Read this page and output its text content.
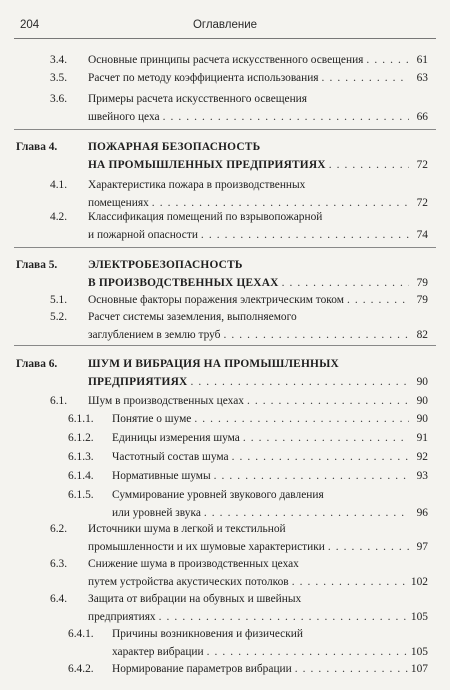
204	Оглавление
3.4. Основные принципы расчета искусственного освещения . . .	61
3.5. Расчет по методу коэффициента использования . . .	63
3.6. Примеры расчета искусственного освещения
швейного цеха . . .	66
Глава 4.	ПОЖАРНАЯ БЕЗОПАСНОСТЬ
НА ПРОМЫШЛЕННЫХ ПРЕДПРИЯТИЯХ . . .	72
4.1. Характеристика пожара в производственных
помещениях . . .	72
4.2. Классификация помещений по взрывопожарной
и пожарной опасности . . .	74
Глава 5.	ЭЛЕКТРОБЕЗОПАСНОСТЬ
В ПРОИЗВОДСТВЕННЫХ ЦЕХАХ . . .	79
5.1. Основные факторы поражения электрическим током . . .	79
5.2. Расчет системы заземления, выполняемого
заглублением в землю труб . . .	82
Глава 6.	ШУМ И ВИБРАЦИЯ НА ПРОМЫШЛЕННЫХ
ПРЕДПРИЯТИЯХ . . .	90
6.1. Шум в производственных цехах . . .	90
6.1.1. Понятие о шуме . . .	90
6.1.2. Единицы измерения шума . . .	91
6.1.3. Частотный состав шума . . .	92
6.1.4. Нормативные шумы . . .	93
6.1.5. Суммирование уровней звукового давления
или уровней звука . . .	96
6.2. Источники шума в легкой и текстильной
промышленности и их шумовые характеристики . . .	97
6.3. Снижение шума в производственных цехах
путем устройства акустических потолков . . .	102
6.4. Защита от вибрации на обувных и швейных
предприятиях . . .	105
6.4.1. Причины возникновения и физический
характер вибрации . . .	105
6.4.2. Нормирование параметров вибрации . . .	107
